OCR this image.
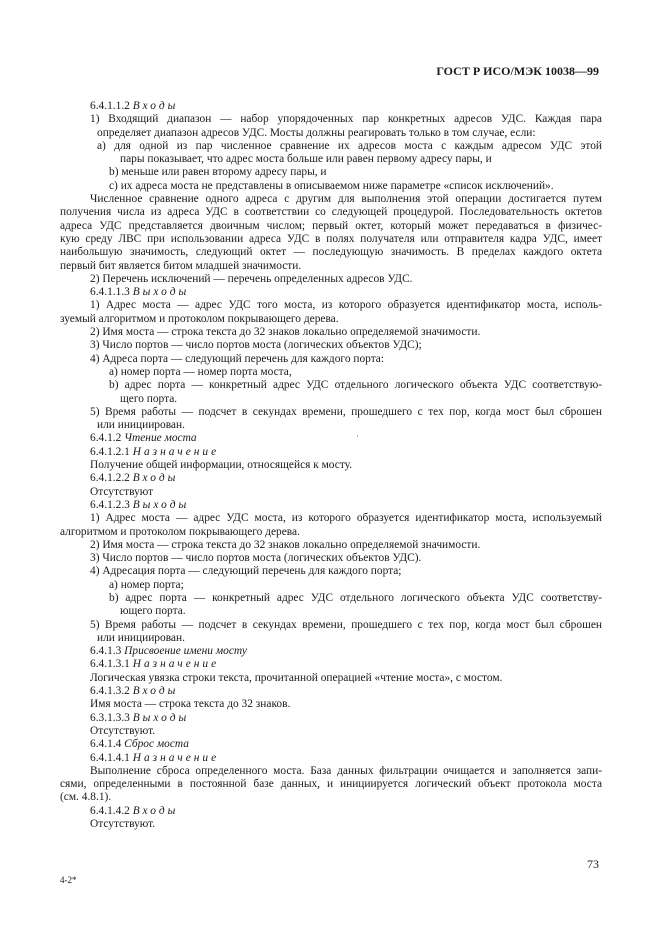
ГОСТ Р ИСО/МЭК 10038—99
6.4.1.1.2 Входы
1) Входящий диапазон — набор упорядоченных пар конкретных адресов УДС. Каждая пара
определяет диапазон адресов УДС. Мосты должны реагировать только в том случае, если:
a) для одной из пар численное сравнение их адресов моста с каждым адресом УДС этой
пары показывает, что адрес моста больше или равен первому адресу пары, и
b) меньше или равен второму адресу пары, и
c) их адреса моста не представлены в описываемом ниже параметре «список исключений».
Численное сравнение одного адреса с другим для выполнения этой операции достигается путем
получения числа из адреса УДС в соответствии со следующей процедурой. Последовательность октетов
адреса УДС представляется двоичным числом; первый октет, который может передаваться в физичес-
кую среду ЛВС при использовании адреса УДС в полях получателя или отправителя кадра УДС, имеет
наибольшую значимость, следующий октет — последующую значимость. В пределах каждого октета
первый бит является битом младшей значимости.
2) Перечень исключений — перечень определенных адресов УДС.
6.4.1.1.3 Выходы
1) Адрес моста — адрес УДС того моста, из которого образуется идентификатор моста, исполь-
зуемый алгоритмом и протоколом покрывающего дерева.
2) Имя моста — строка текста до 32 знаков локально определяемой значимости.
3) Число портов — число портов моста (логических объектов УДС);
4) Адреса порта — следующий перечень для каждого порта:
a) номер порта — номер порта моста,
b) адрес порта — конкретный адрес УДС отдельного логического объекта УДС соответствую-
щего порта.
5) Время работы — подсчет в секундах времени, прошедшего с тех пор, когда мост был сброшен
или инициирован.
6.4.1.2 Чтение моста
6.4.1.2.1 Назначение
Получение общей информации, относящейся к мосту.
6.4.1.2.2 Входы
Отсутствуют
6.4.1.2.3 Выходы
1) Адрес моста — адрес УДС моста, из которого образуется идентификатор моста, используемый
алгоритмом и протоколом покрывающего дерева.
2) Имя моста — строка текста до 32 знаков локально определяемой значимости.
3) Число портов — число портов моста (логических объектов УДС).
4) Адресация порта — следующий перечень для каждого порта;
a) номер порта;
b) адрес порта — конкретный адрес УДС отдельного логического объекта УДС соответству-
ющего порта.
5) Время работы — подсчет в секундах времени, прошедшего с тех пор, когда мост был сброшен
или инициирован.
6.4.1.3 Присвоение имени мосту
6.4.1.3.1 Назначение
Логическая увязка строки текста, прочитанной операцией «чтение моста», с мостом.
6.4.1.3.2 Входы
Имя моста — строка текста до 32 знаков.
6.3.1.3.3 Выходы
Отсутствуют.
6.4.1.4 Сброс моста
6.4.1.4.1 Назначение
Выполнение сброса определенного моста. База данных фильтрации очищается и заполняется запи-
сями, определенными в постоянной базе данных, и инициируется логический объект протокола моста
(см. 4.8.1).
6.4.1.4.2 Входы
Отсутствуют.
'
4-2*
73
